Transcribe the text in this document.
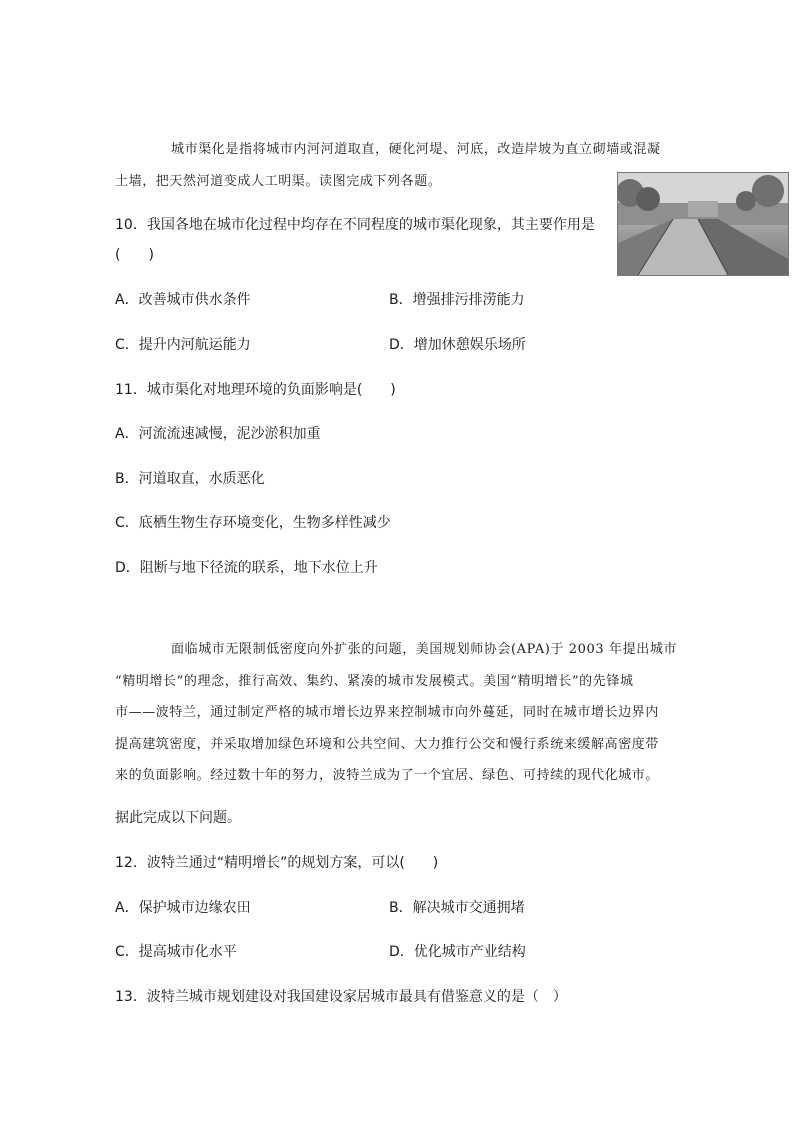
城市渠化是指将城市内河河道取直，硬化河堤、河底，改造岸坡为直立砌墙或混凝
土墙，把天然河道变成人工明渠。读图完成下列各题。
10．我国各地在城市化过程中均存在不同程度的城市渠化现象，其主要作用是
(　　)
A．改善城市供水条件	B．增强排污排涝能力
C．提升内河航运能力	D．增加休憩娱乐场所
11．城市渠化对地理环境的负面影响是(　　)
A．河流流速减慢，泥沙淤积加重
B．河道取直，水质恶化
C．底栖生物生存环境变化，生物多样性减少
D．阻断与地下径流的联系，地下水位上升
面临城市无限制低密度向外扩张的问题，美国规划师协会(APA)于 2003 年提出城市
“精明增长”的理念，推行高效、集约、紧凑的城市发展模式。美国“精明增长”的先锋城
市——波特兰，通过制定严格的城市增长边界来控制城市向外蔓延，同时在城市增长边界内
提高建筑密度，并采取增加绿色环境和公共空间、大力推行公交和慢行系统来缓解高密度带
来的负面影响。经过数十年的努力，波特兰成为了一个宜居、绿色、可持续的现代化城市。
据此完成以下问题。
12．波特兰通过“精明增长”的规划方案，可以(　　)
A．保护城市边缘农田	B．解决城市交通拥堵
C．提高城市化水平	D．优化城市产业结构
13．波特兰城市规划建设对我国建设家居城市最具有借鉴意义的是（　）
